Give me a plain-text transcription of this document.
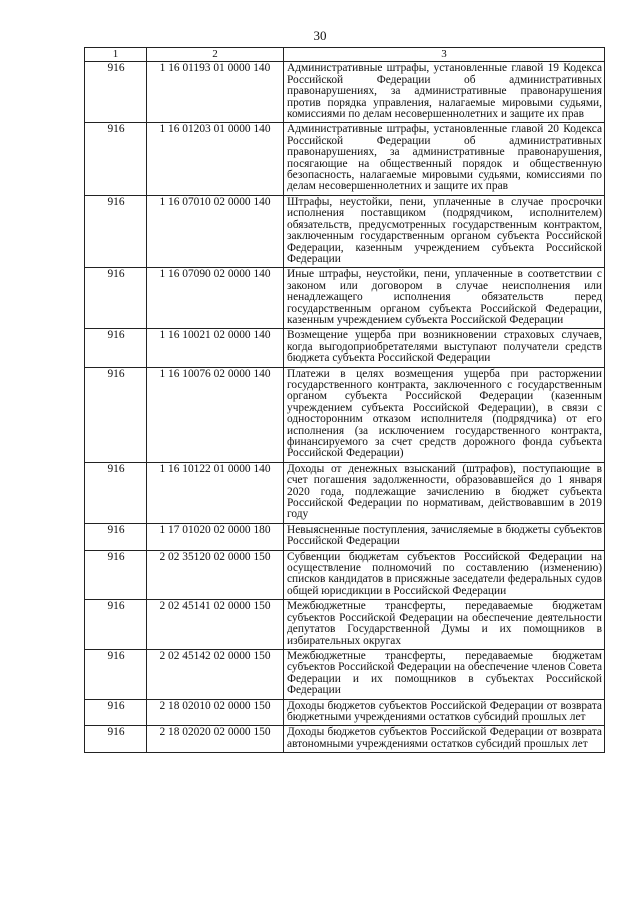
30
1	2	3
916	1 16 01193 01 0000 140	Административные штрафы, установленные главой 19 Кодекса Российской Федерации об административных правонарушениях, за административные правонарушения против порядка управления, налагаемые мировыми судьями, комиссиями по делам несовершеннолетних и защите их прав
916	1 16 01203 01 0000 140	Административные штрафы, установленные главой 20 Кодекса Российской Федерации об административных правонарушениях, за административные правонарушения, посягающие на общественный порядок и общественную безопасность, налагаемые мировыми судьями, комиссиями по делам несовершеннолетних и защите их прав
916	1 16 07010 02 0000 140	Штрафы, неустойки, пени, уплаченные в случае просрочки исполнения поставщиком (подрядчиком, исполнителем) обязательств, предусмотренных государственным контрактом, заключенным государственным органом субъекта Российской Федерации, казенным учреждением субъекта Российской Федерации
916	1 16 07090 02 0000 140	Иные штрафы, неустойки, пени, уплаченные в соответствии с законом или договором в случае неисполнения или ненадлежащего исполнения обязательств перед государственным органом субъекта Российской Федерации, казенным учреждением субъекта Российской Федерации
916	1 16 10021 02 0000 140	Возмещение ущерба при возникновении страховых случаев, когда выгодоприобретателями выступают получатели средств бюджета субъекта Российской Федерации
916	1 16 10076 02 0000 140	Платежи в целях возмещения ущерба при расторжении государственного контракта, заключенного с государственным органом субъекта Российской Федерации (казенным учреждением субъекта Российской Федерации), в связи с односторонним отказом исполнителя (подрядчика) от его исполнения (за исключением государственного контракта, финансируемого за счет средств дорожного фонда субъекта Российской Федерации)
916	1 16 10122 01 0000 140	Доходы от денежных взысканий (штрафов), поступающие в счет погашения задолженности, образовавшейся до 1 января 2020 года, подлежащие зачислению в бюджет субъекта Российской Федерации по нормативам, действовавшим в 2019 году
916	1 17 01020 02 0000 180	Невыясненные поступления, зачисляемые в бюджеты субъектов Российской Федерации
916	2 02 35120 02 0000 150	Субвенции бюджетам субъектов Российской Федерации на осуществление полномочий по составлению (изменению) списков кандидатов в присяжные заседатели федеральных судов общей юрисдикции в Российской Федерации
916	2 02 45141 02 0000 150	Межбюджетные трансферты, передаваемые бюджетам субъектов Российской Федерации на обеспечение деятельности депутатов Государственной Думы и их помощников в избирательных округах
916	2 02 45142 02 0000 150	Межбюджетные трансферты, передаваемые бюджетам субъектов Российской Федерации на обеспечение членов Совета Федерации и их помощников в субъектах Российской Федерации
916	2 18 02010 02 0000 150	Доходы бюджетов субъектов Российской Федерации от возврата бюджетными учреждениями остатков субсидий прошлых лет
916	2 18 02020 02 0000 150	Доходы бюджетов субъектов Российской Федерации от возврата автономными учреждениями остатков субсидий прошлых лет
